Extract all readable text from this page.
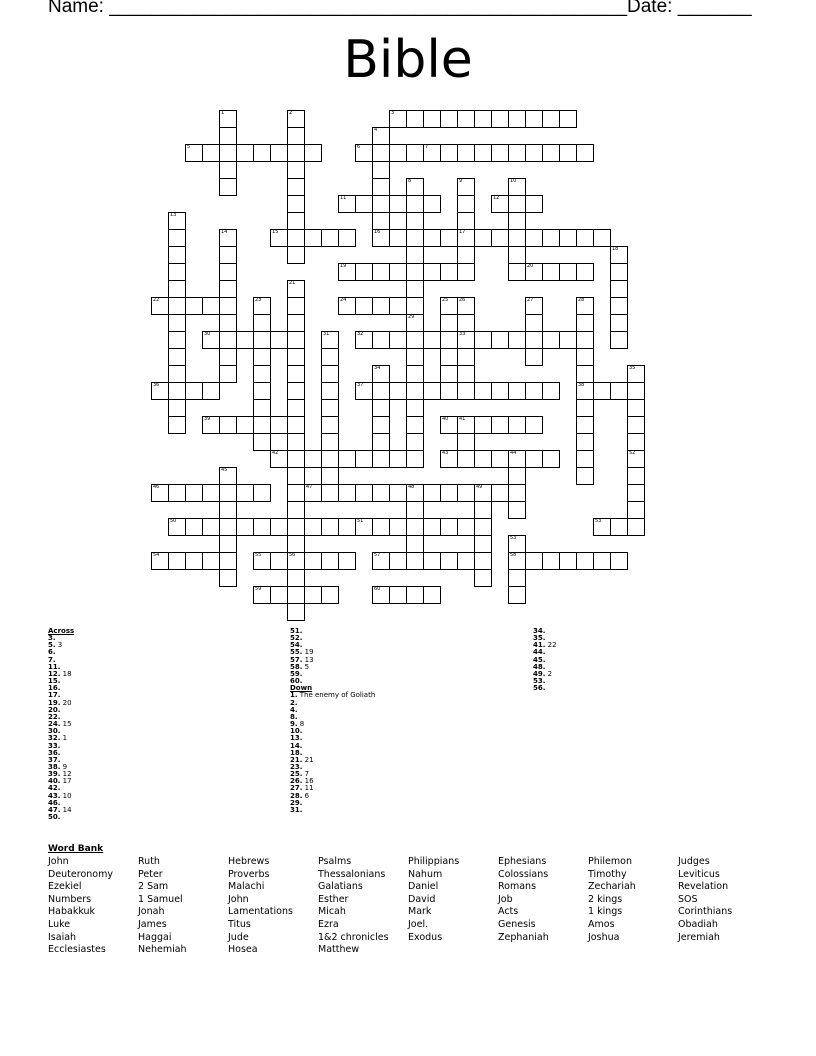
Name: _________________________________________________ Date: _______
Bible
1	2	3
4
5	6	7
8	9	10
11	12
13
14	15	16	17
18
19	20
21
22	23	24	25 26	27	28
29
30	31	32	33
34	35
36	37	38
39	40 41
42	43	44
45
46	47	48	49
50	51
52
53
53
54	55	56	57	58
59	60
Across
3.
5. 3
6.
7.
11.
12. 18
15.
16.
17.
19. 20
20.
22.
24. 15
30.
32. 1
33.
36.
37.
38. 9
39. 12
40. 17
42.
43. 10
46.
47. 14
50.
51.
52.
54.
55. 19
57. 13
58. 5
59.
60.
Down
1. The enemy of Goliath
2.
4.
8.
9. 8
10.
13.
14.
18.
21. 21
23.
25. 7
26. 16
27. 11
28. 6
29.
31.
34.
35.
41. 22
44.
45.
48.
49. 2
53.
56.
Word Bank
John
Deuteronomy
Ezekiel
Numbers
Habakkuk
Luke
Isaiah
Ecclesiastes
Ruth
Peter
2 Sam
1 Samuel
Jonah
James
Haggai
Nehemiah
Hebrews
Proverbs
Malachi
John
Lamentations
Titus
Jude
Hosea
Psalms
Thessalonians
Galatians
Esther
Micah
Ezra
1&2 chronicles
Matthew
Philippians
Nahum
Daniel
David
Mark
Joel.
Exodus
Ephesians
Colossians
Romans
Job
Acts
Genesis
Zephaniah
Philemon
Timothy
Zechariah
2 kings
1 kings
Amos
Joshua
Judges
Leviticus
Revelation
SOS
Corinthians
Obadiah
Jeremiah
